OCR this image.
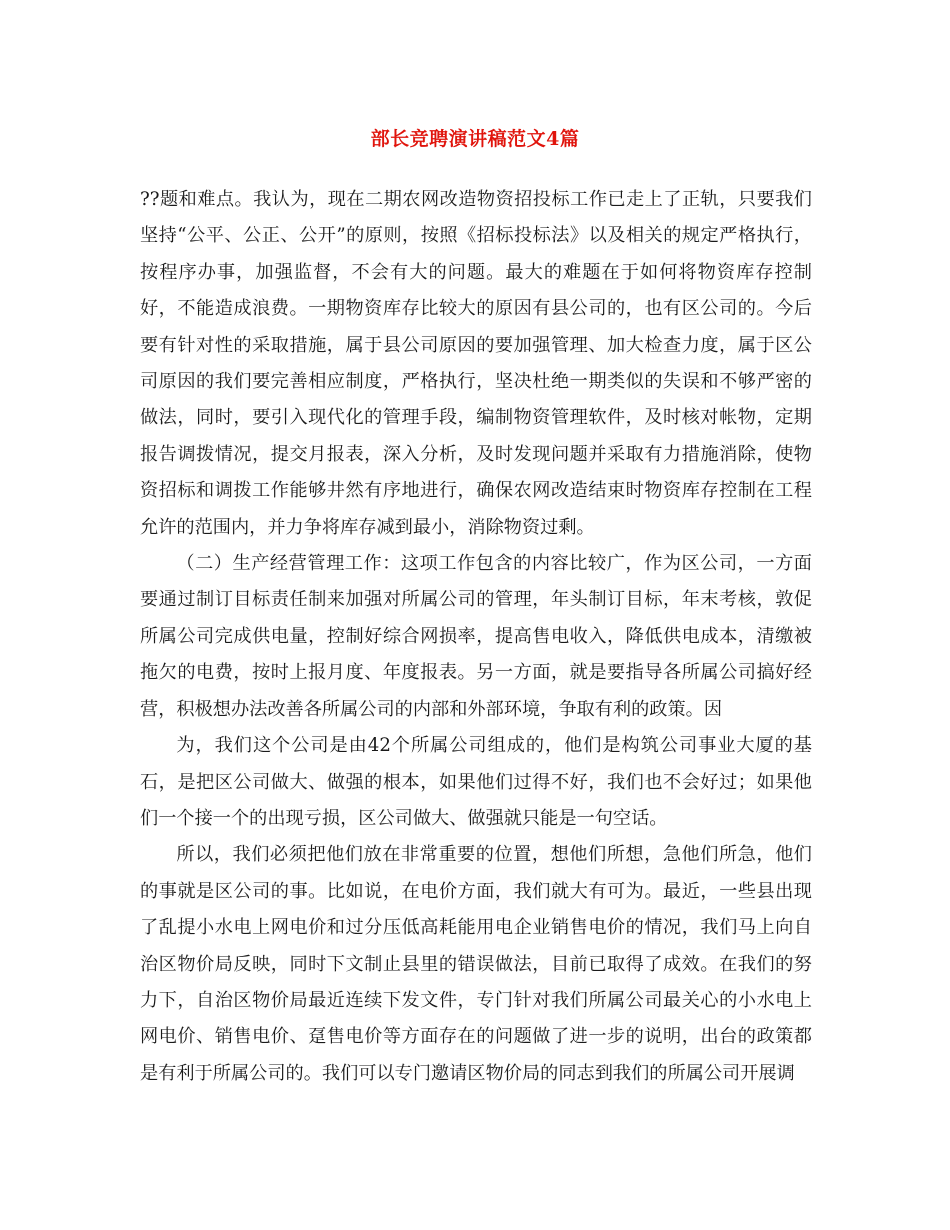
部长竞聘演讲稿范文4篇

??题和难点。我认为，现在二期农网改造物资招投标工作已走上了正轨，只要我们坚持“公平、公正、公开”的原则，按照《招标投标法》以及相关的规定严格执行，按程序办事，加强监督，不会有大的问题。最大的难题在于如何将物资库存控制好，不能造成浪费。一期物资库存比较大的原因有县公司的，也有区公司的。今后要有针对性的采取措施，属于县公司原因的要加强管理、加大检查力度，属于区公司原因的我们要完善相应制度，严格执行，坚决杜绝一期类似的失误和不够严密的做法，同时，要引入现代化的管理手段，编制物资管理软件，及时核对帐物，定期报告调拨情况，提交月报表，深入分析，及时发现问题并采取有力措施消除，使物资招标和调拨工作能够井然有序地进行，确保农网改造结束时物资库存控制在工程允许的范围内，并力争将库存减到最小，消除物资过剩。

（二）生产经营管理工作：这项工作包含的内容比较广，作为区公司，一方面要通过制订目标责任制来加强对所属公司的管理，年头制订目标，年末考核，敦促所属公司完成供电量，控制好综合网损率，提高售电收入，降低供电成本，清缴被拖欠的电费，按时上报月度、年度报表。另一方面，就是要指导各所属公司搞好经营，积极想办法改善各所属公司的内部和外部环境，争取有利的政策。因

为，我们这个公司是由42个所属公司组成的，他们是构筑公司事业大厦的基石，是把区公司做大、做强的根本，如果他们过得不好，我们也不会好过；如果他们一个接一个的出现亏损，区公司做大、做强就只能是一句空话。

所以，我们必须把他们放在非常重要的位置，想他们所想，急他们所急，他们的事就是区公司的事。比如说，在电价方面，我们就大有可为。最近，一些县出现了乱提小水电上网电价和过分压低高耗能用电企业销售电价的情况，我们马上向自治区物价局反映，同时下文制止县里的错误做法，目前已取得了成效。在我们的努力下，自治区物价局最近连续下发文件，专门针对我们所属公司最关心的小水电上网电价、销售电价、趸售电价等方面存在的问题做了进一步的说明，出台的政策都是有利于所属公司的。我们可以专门邀请区物价局的同志到我们的所属公司开展调
